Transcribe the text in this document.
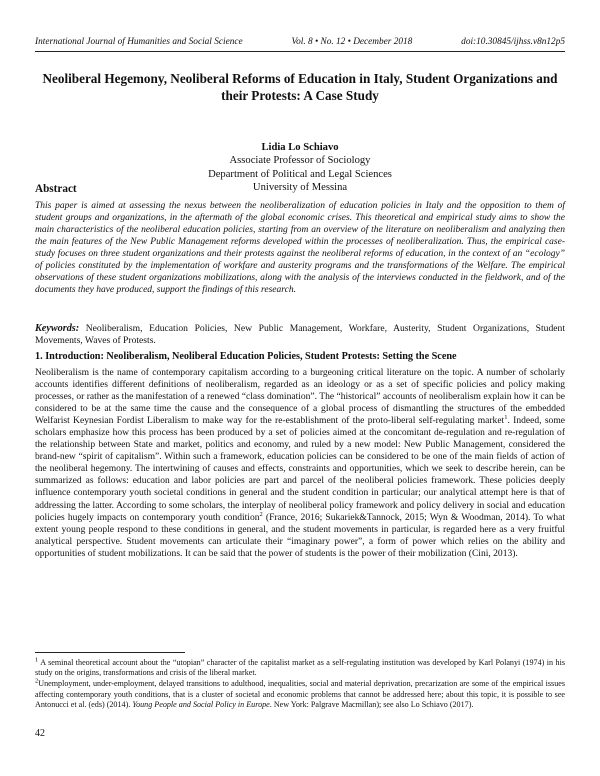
International Journal of Humanities and Social Science	Vol. 8 • No. 12 • December 2018	doi:10.30845/ijhss.v8n12p5
Neoliberal Hegemony, Neoliberal Reforms of Education in Italy, Student Organizations and their Protests: A Case Study
Lidia Lo Schiavo
Associate Professor of Sociology
Department of Political and Legal Sciences
University of Messina
Abstract

This paper is aimed at assessing the nexus between the neoliberalization of education policies in Italy and the opposition to them of student groups and organizations, in the aftermath of the global economic crises. This theoretical and empirical study aims to show the main characteristics of the neoliberal education policies, starting from an overview of the literature on neoliberalism and analyzing then the main features of the New Public Management reforms developed within the processes of neoliberalization. Thus, the empirical case-study focuses on three student organizations and their protests against the neoliberal reforms of education, in the context of an “ecology” of policies constituted by the implementation of workfare and austerity programs and the transformations of the Welfare. The empirical observations of these student organizations mobilizations, along with the analysis of the interviews conducted in the fieldwork, and of the documents they have produced, support the findings of this research.

Keywords: Neoliberalism, Education Policies, New Public Management, Workfare, Austerity, Student Organizations, Student Movements, Waves of Protests.

1. Introduction: Neoliberalism, Neoliberal Education Policies, Student Protests: Setting the Scene

Neoliberalism is the name of contemporary capitalism according to a burgeoning critical literature on the topic. A number of scholarly accounts identifies different definitions of neoliberalism, regarded as an ideology or as a set of specific policies and policy making processes, or rather as the manifestation of a renewed “class domination”. The “historical” accounts of neoliberalism explain how it can be considered to be at the same time the cause and the consequence of a global process of dismantling the structures of the embedded Welfarist Keynesian Fordist Liberalism to make way for the re-establishment of the proto-liberal self-regulating market$^1$. Indeed, some scholars emphasize how this process has been produced by a set of policies aimed at the concomitant de-regulation and re-regulation of the relationship between State and market, politics and economy, and ruled by a new model: New Public Management, considered the brand-new “spirit of capitalism”. Within such a framework, education policies can be considered to be one of the main fields of action of the neoliberal hegemony. The intertwining of causes and effects, constraints and opportunities, which we seek to describe herein, can be summarized as follows: education and labor policies are part and parcel of the neoliberal policies framework. These policies deeply influence contemporary youth societal conditions in general and the student condition in particular; our analytical attempt here is that of addressing the latter. According to some scholars, the interplay of neoliberal policy framework and policy delivery in social and education policies hugely impacts on contemporary youth condition$^2$ (France, 2016; Sukariek&Tannock, 2015; Wyn & Woodman, 2014). To what extent young people respond to these conditions in general, and the student movements in particular, is regarded here as a very fruitful analytical perspective. Student movements can articulate their “imaginary power”, a form of power which relies on the ability and opportunities of student mobilizations. It can be said that the power of students is the power of their mobilization (Cini, 2013).

$^1$ A seminal theoretical account about the “utopian” character of the capitalist market as a self-regulating institution was developed by Karl Polanyi (1974) in his study on the origins, transformations and crisis of the liberal market.

$^2$Unemployment, under-employment, delayed transitions to adulthood, inequalities, social and material deprivation, precarization are some of the empirical issues affecting contemporary youth conditions, that is a cluster of societal and economic problems that cannot be addressed here; about this topic, it is possible to see Antonucci et al. (eds) (2014). Young People and Social Policy in Europe. New York: Palgrave Macmillan); see also Lo Schiavo (2017).

42
